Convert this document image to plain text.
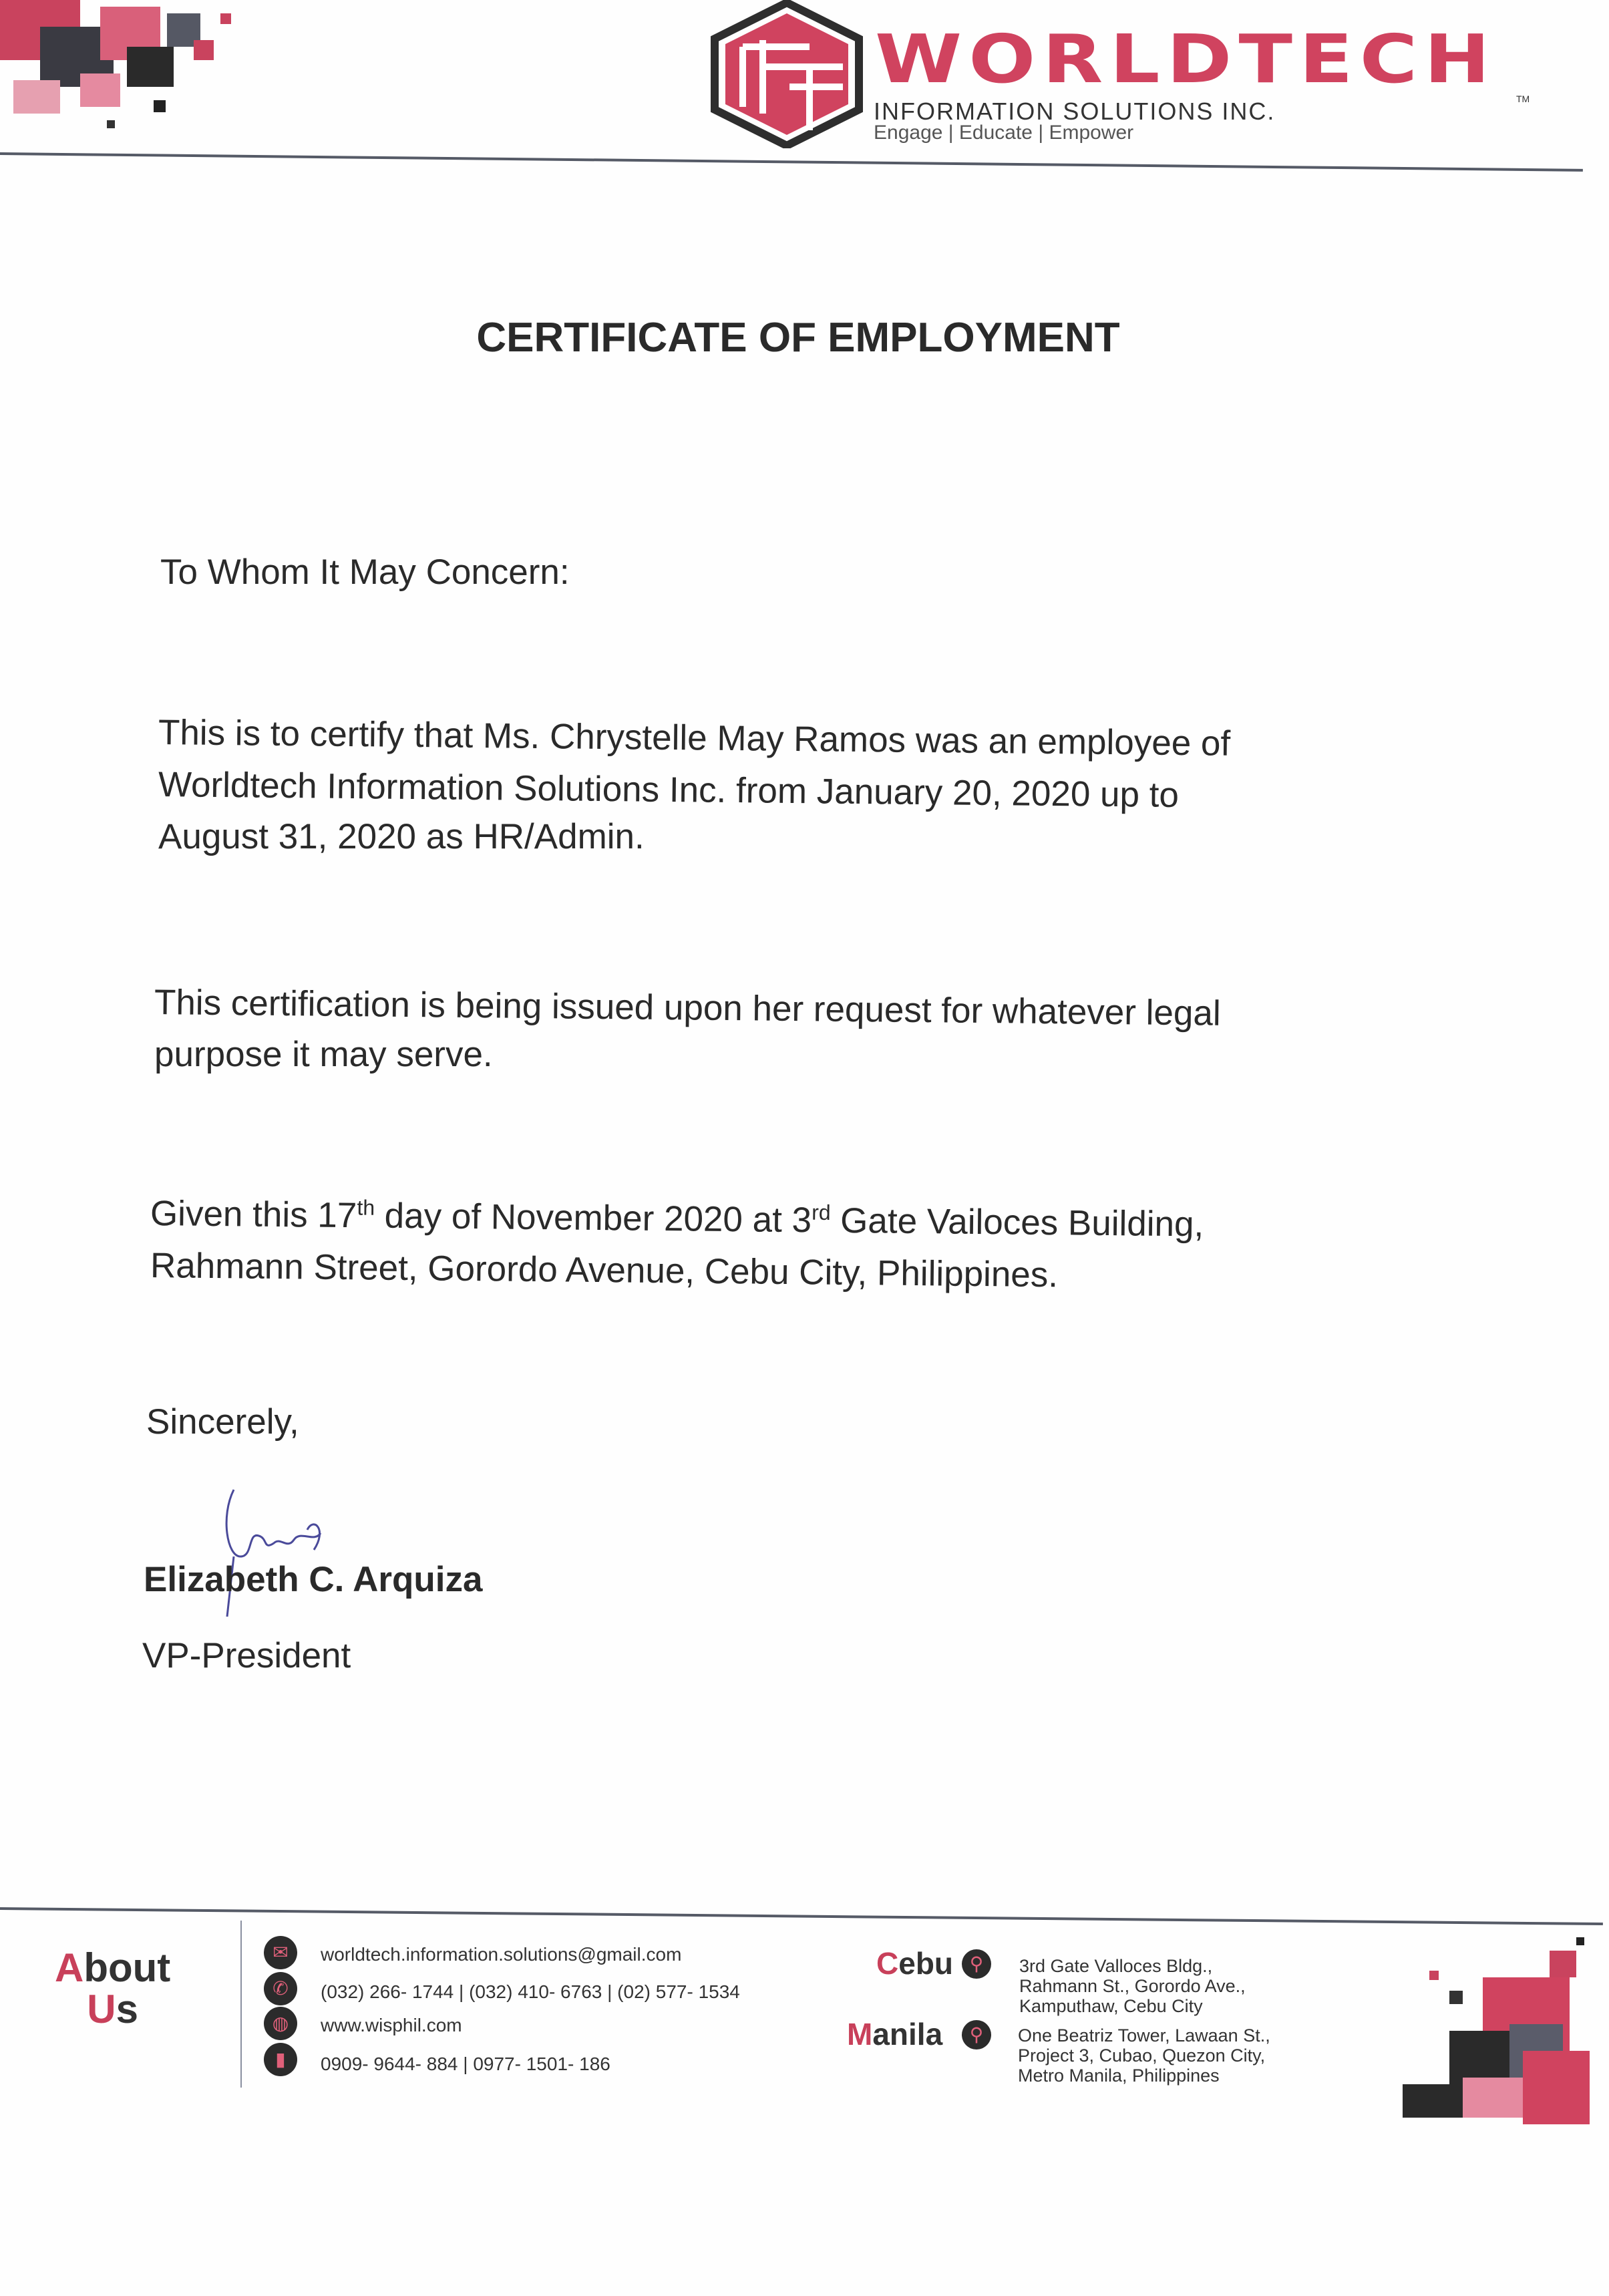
WORLDTECH
TM
INFORMATION SOLUTIONS INC.
Engage | Educate | Empower
CERTIFICATE OF EMPLOYMENT
To Whom It May Concern:
This is to certify that Ms. Chrystelle May Ramos was an employee of
Worldtech Information Solutions Inc. from January 20, 2020 up to
August 31, 2020 as HR/Admin.
This certification is being issued upon her request for whatever legal
purpose it may serve.
Given this 17th day of November 2020 at 3rd Gate Vailoces Building,
Rahmann Street, Gorordo Avenue, Cebu City, Philippines.
Sincerely,
Elizabeth C. Arquiza
VP-President
About
Us
✉	worldtech.information.solutions@gmail.com
✆	(032) 266- 1744 | (032) 410- 6763 | (02) 577- 1534
◍	www.wisphil.com
▮	0909- 9644- 884 | 0977- 1501- 186
Cebu ⚲	3rd Gate Valloces Bldg.,
Rahmann St., Gorordo Ave.,
Kamputhaw, Cebu City
Manila	⚲	One Beatriz Tower, Lawaan St.,
Project 3, Cubao, Quezon City,
Metro Manila, Philippines
